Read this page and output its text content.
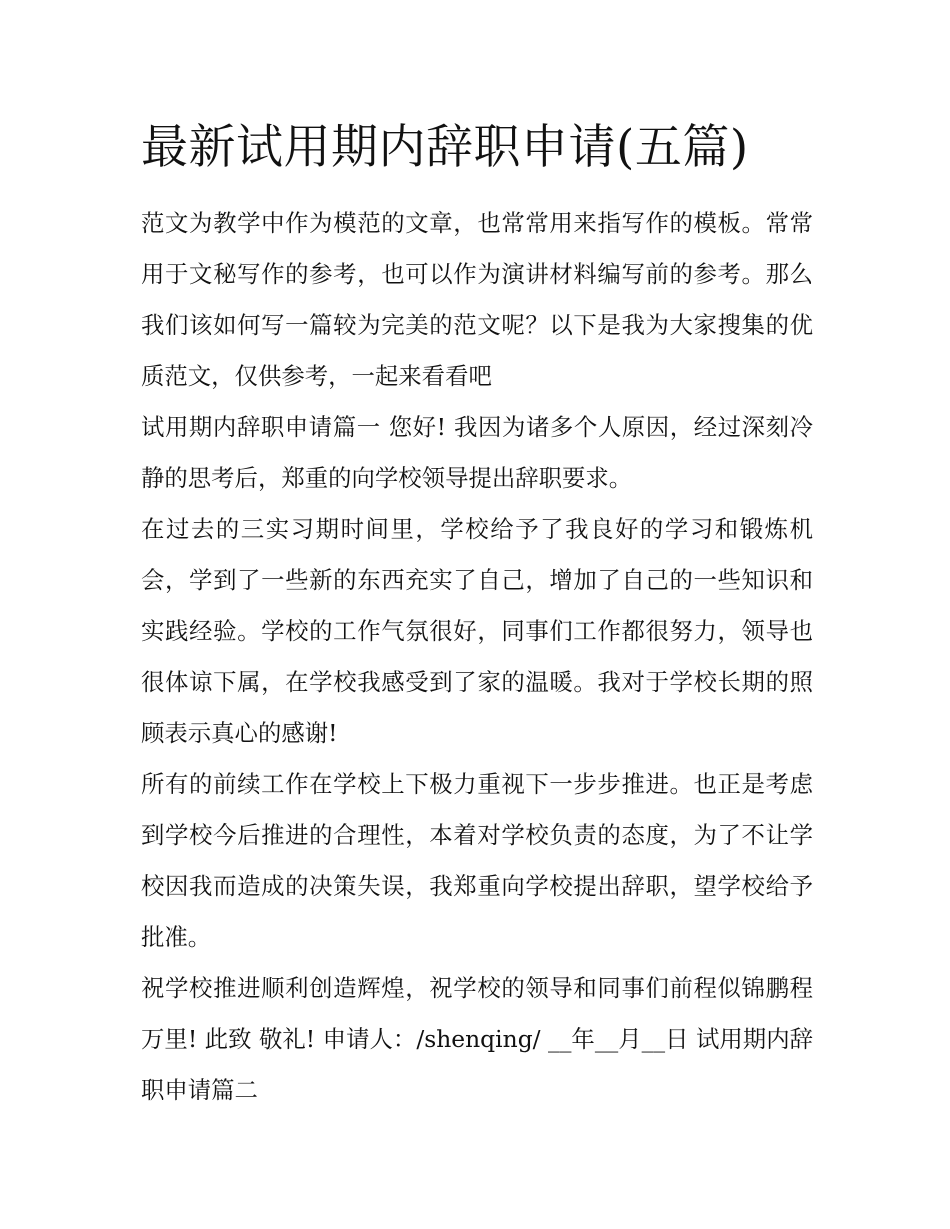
最新试用期内辞职申请(五篇)

范文为教学中作为模范的文章，也常常用来指写作的模板。常常用于文秘写作的参考，也可以作为演讲材料编写前的参考。那么我们该如何写一篇较为完美的范文呢？以下是我为大家搜集的优质范文，仅供参考，一起来看看吧

试用期内辞职申请篇一 您好! 我因为诸多个人原因，经过深刻冷静的思考后，郑重的向学校领导提出辞职要求。

在过去的三实习期时间里，学校给予了我良好的学习和锻炼机会，学到了一些新的东西充实了自己，增加了自己的一些知识和实践经验。学校的工作气氛很好，同事们工作都很努力，领导也很体谅下属，在学校我感受到了家的温暖。我对于学校长期的照顾表示真心的感谢!

所有的前续工作在学校上下极力重视下一步步推进。也正是考虑到学校今后推进的合理性，本着对学校负责的态度，为了不让学校因我而造成的决策失误，我郑重向学校提出辞职，望学校给予批准。

祝学校推进顺利创造辉煌，祝学校的领导和同事们前程似锦鹏程万里! 此致 敬礼! 申请人：/shenqing/ __年__月__日 试用期内辞职申请篇二
